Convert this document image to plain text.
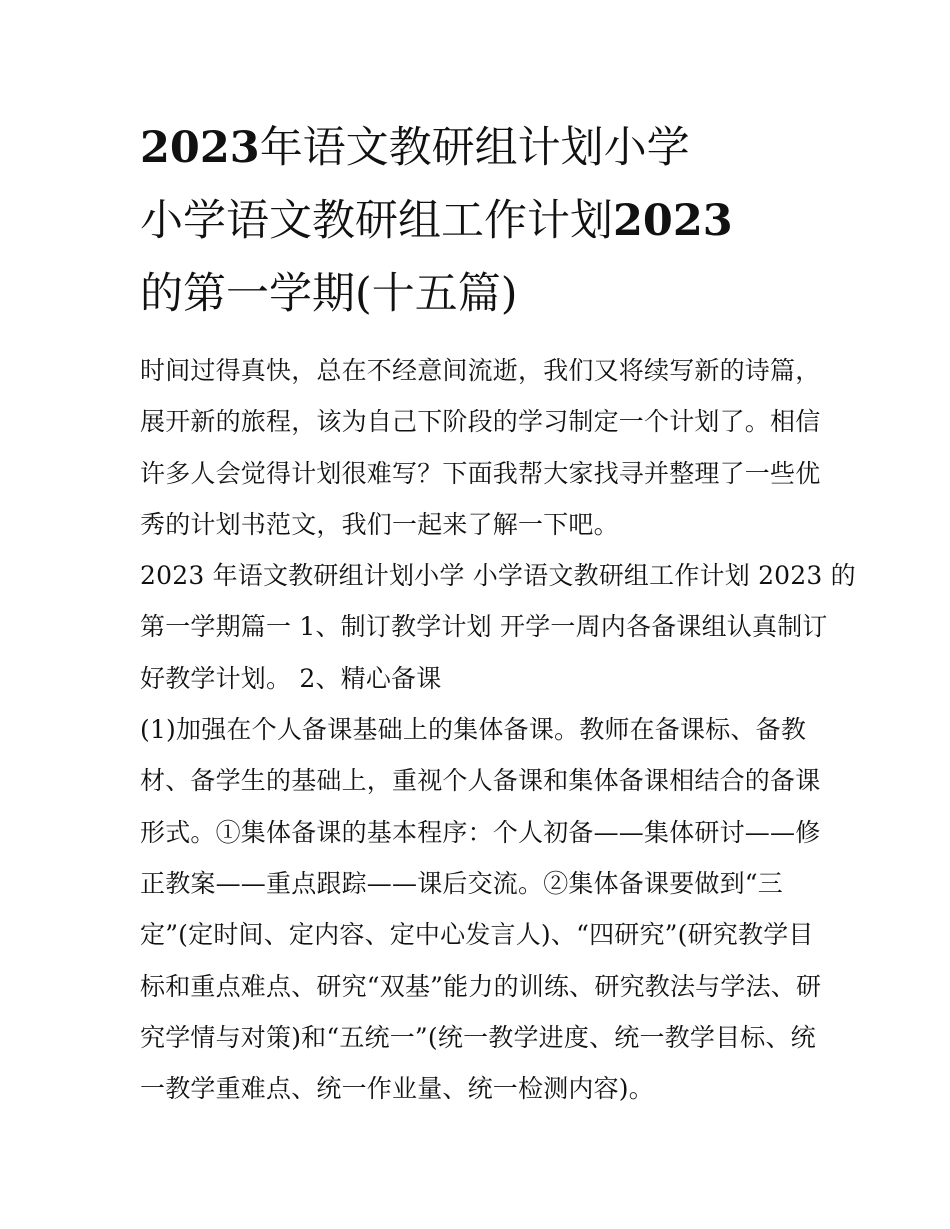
2023年语文教研组计划小学
小学语文教研组工作计划2023
的第一学期(十五篇)

时间过得真快，总在不经意间流逝，我们又将续写新的诗篇，
展开新的旅程，该为自己下阶段的学习制定一个计划了。相信
许多人会觉得计划很难写？下面我帮大家找寻并整理了一些优
秀的计划书范文，我们一起来了解一下吧。

2023 年语文教研组计划小学 小学语文教研组工作计划 2023 的
第一学期篇一 1、制订教学计划 开学一周内各备课组认真制订
好教学计划。 2、精心备课

(1)加强在个人备课基础上的集体备课。教师在备课标、备教
材、备学生的基础上，重视个人备课和集体备课相结合的备课
形式。①集体备课的基本程序：个人初备——集体研讨——修
正教案——重点跟踪——课后交流。②集体备课要做到“三
定”(定时间、定内容、定中心发言人)、“四研究”(研究教学目
标和重点难点、研究“双基”能力的训练、研究教法与学法、研
究学情与对策)和“五统一”(统一教学进度、统一教学目标、统
一教学重难点、统一作业量、统一检测内容)。
